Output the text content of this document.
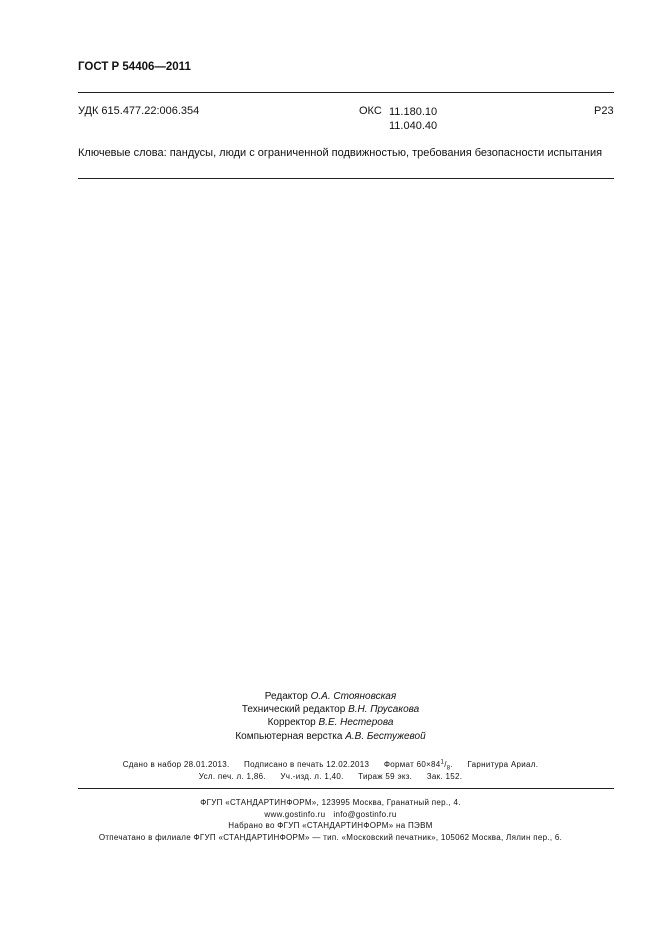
ГОСТ Р 54406—2011
УДК 615.477.22:006.354	ОКС 11.180.10
11.040.40
Р23
Ключевые слова: пандусы, люди с ограниченной подвижностью, требования безопасности испытания
Редактор О.А. Стояновская
Технический редактор В.Н. Прусакова
Корректор В.Е. Нестерова
Компьютерная верстка А.В. Бестужевой
Сдано в набор 28.01.2013. Подписано в печать 12.02.2013 Формат $60\times 84^1/_8$. Гарнитура Ариал.
Усл. печ. л. 1,86. Уч.-изд. л. 1,40. Тираж 59 экз. Зак. 152.
ФГУП «СТАНДАРТИНФОРМ», 123995 Москва, Гранатный пер., 4.
www.gostinfo.ru info@gostinfo.ru
Набрано во ФГУП «СТАНДАРТИНФОРМ» на ПЭВМ
Отпечатано в филиале ФГУП «СТАНДАРТИНФОРМ» — тип. «Московский печатник», 105062 Москва, Лялин пер., 6.
